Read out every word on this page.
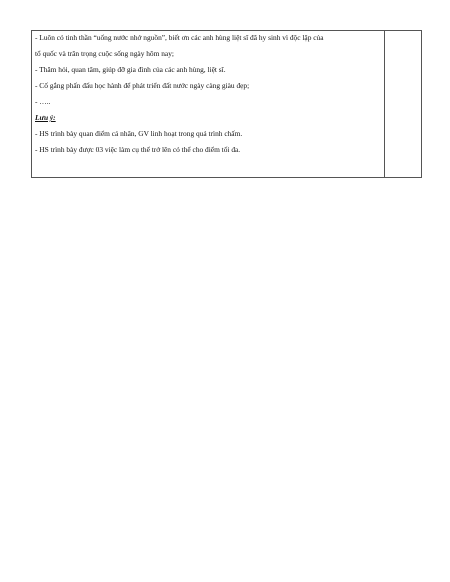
- Luôn có tinh thần “uống nước nhớ nguồn”, biết ơn các anh hùng liệt sĩ đã hy sinh vì độc lập của
tổ quốc và trân trọng cuộc sống ngày hôm nay;
- Thăm hỏi, quan tâm, giúp đỡ gia đình của các anh hùng, liệt sĩ.
- Cố gắng phấn đấu học hành để phát triển đất nước ngày càng giàu đẹp;
- …..
Lưu ý:
- HS trình bày quan điểm cá nhân, GV linh hoạt trong quá trình chấm.
- HS trình bày được 03 việc làm cụ thể trở lên có thể cho điểm tối đa.
